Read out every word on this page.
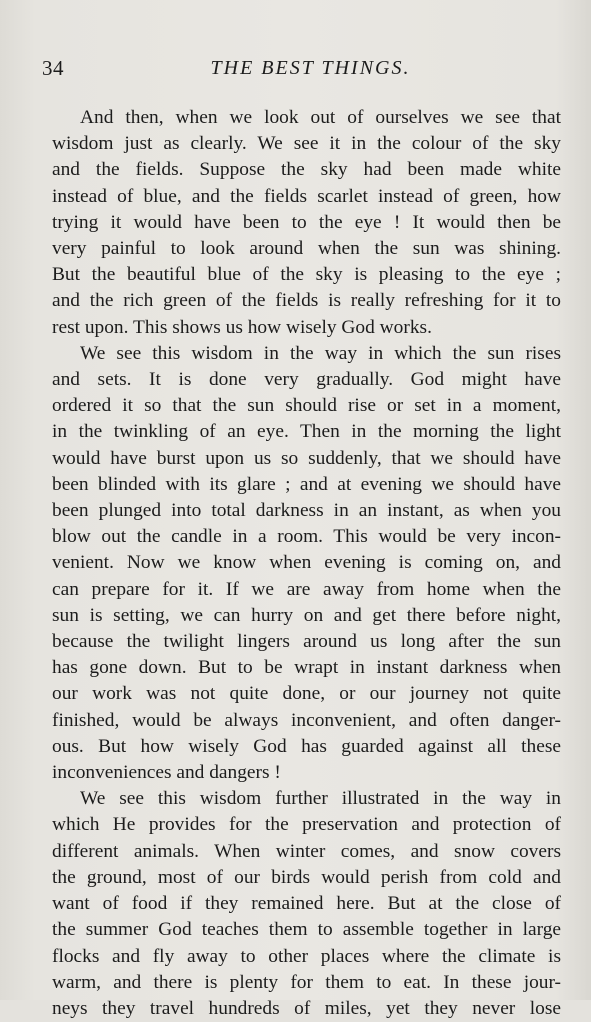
34	THE BEST THINGS.

And then, when we look out of ourselves we see that
wisdom just as clearly. We see it in the colour of the sky
and the fields. Suppose the sky had been made white
instead of blue, and the fields scarlet instead of green, how
trying it would have been to the eye ! It would then be
very painful to look around when the sun was shining.
But the beautiful blue of the sky is pleasing to the eye ;
and the rich green of the fields is really refreshing for it to
rest upon. This shows us how wisely God works.

We see this wisdom in the way in which the sun rises
and sets. It is done very gradually. God might have
ordered it so that the sun should rise or set in a moment,
in the twinkling of an eye. Then in the morning the light
would have burst upon us so suddenly, that we should have
been blinded with its glare ; and at evening we should have
been plunged into total darkness in an instant, as when you
blow out the candle in a room. This would be very incon-
venient. Now we know when evening is coming on, and
can prepare for it. If we are away from home when the
sun is setting, we can hurry on and get there before night,
because the twilight lingers around us long after the sun
has gone down. But to be wrapt in instant darkness when
our work was not quite done, or our journey not quite
finished, would be always inconvenient, and often danger-
ous. But how wisely God has guarded against all these
inconveniences and dangers !

We see this wisdom further illustrated in the way in
which He provides for the preservation and protection of
different animals. When winter comes, and snow covers
the ground, most of our birds would perish from cold and
want of food if they remained here. But at the close of
the summer God teaches them to assemble together in large
flocks and fly away to other places where the climate is
warm, and there is plenty for them to eat. In these jour-
neys they travel hundreds of miles, yet they never lose
